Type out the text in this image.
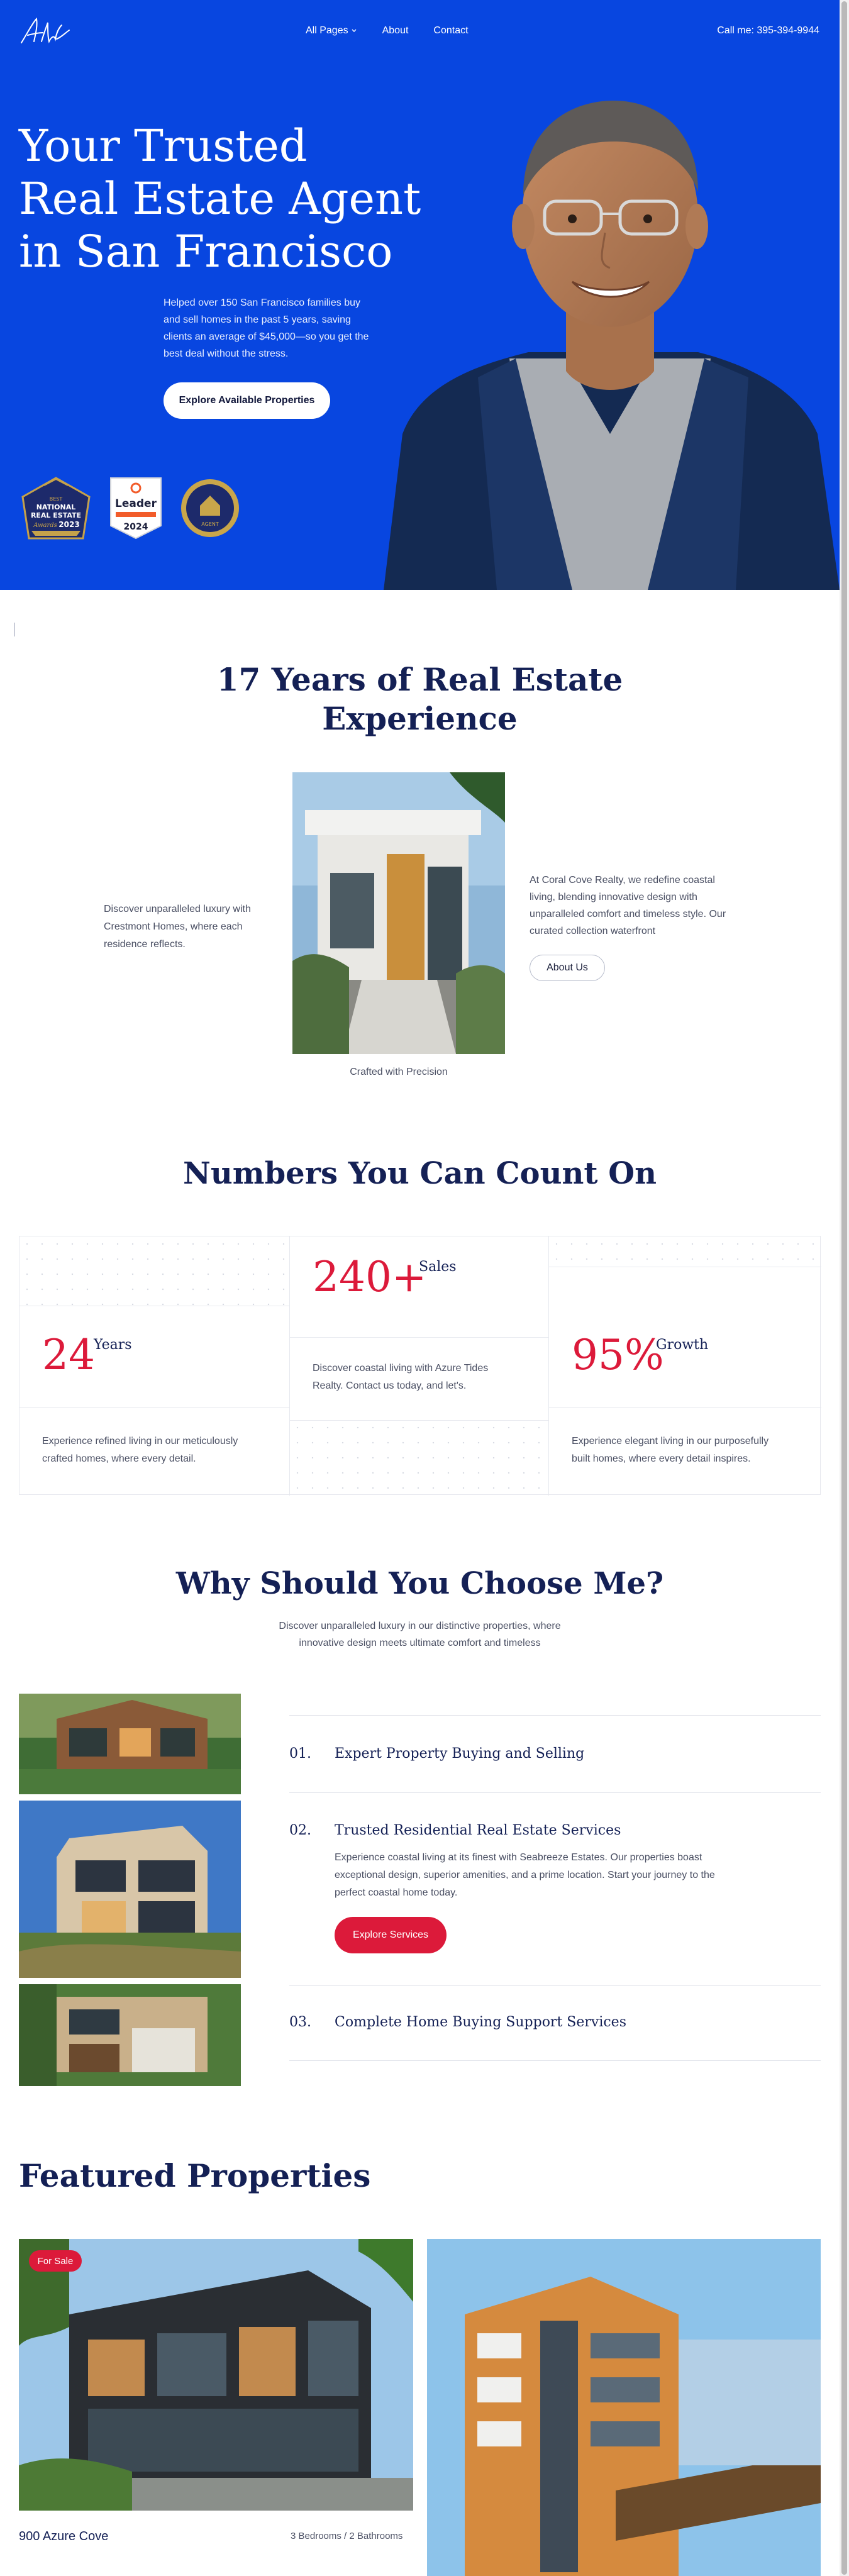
All Pages	About	Contact	Call me: 395-394-9944
Your Trusted
Real Estate Agent
in San Francisco

Helped over 150 San Francisco families buy and sell homes in the past 5 years, saving clients an average of $45,000—so you get the best deal without the stress.

Explore Available Properties
BEST
NATIONAL
REAL ESTATE
Awards 2023
Leader
2024	AGENT
17 Years of Real Estate
Experience

Discover unparalleled luxury with Crestmont Homes, where each residence reflects.

Crafted with Precision

At Coral Cove Realty, we redefine coastal living, blending innovative design with unparalleled comfort and timeless style. Our curated collection waterfront

About Us
Numbers You Can Count On
24
Years

Experience refined living in our meticulously crafted homes, where every detail.

240+
Sales

Discover coastal living with Azure Tides Realty. Contact us today, and let's.

95%
Growth

Experience elegant living in our purposefully built homes, where every detail inspires.

Why Should You Choose Me?
Discover unparalleled luxury in our distinctive properties, where
innovative design meets ultimate comfort and timeless
01. Expert Property Buying and Selling
02. Trusted Residential Real Estate Services

Experience coastal living at its finest with Seabreeze Estates. Our properties boast exceptional design, superior amenities, and a prime location. Start your journey to the perfect coastal home today.

Explore Services
03. Complete Home Buying Support Services
Featured Properties
For Sale
900 Azure Cove	3 Bedrooms / 2 Bathrooms
